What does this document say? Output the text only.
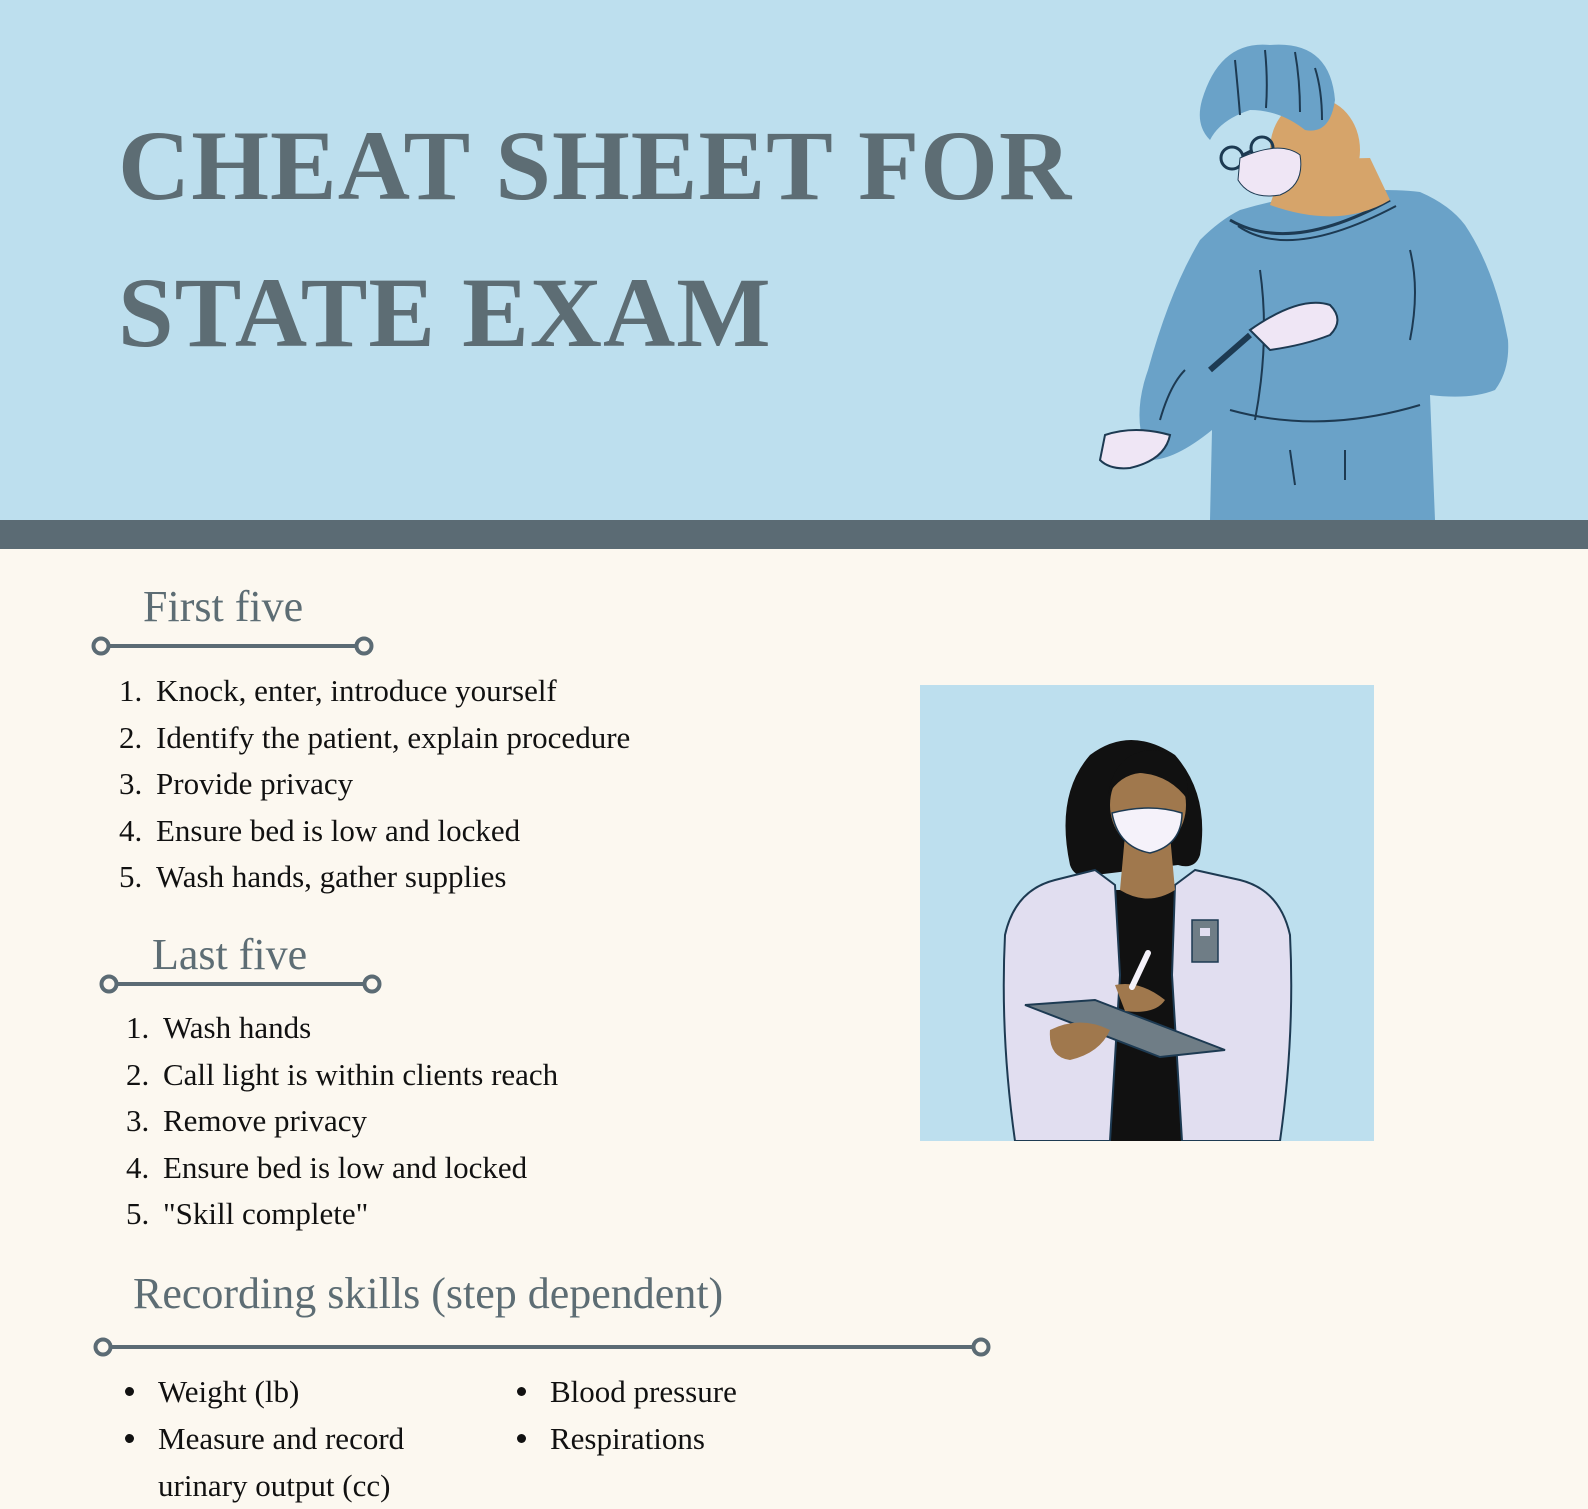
CHEAT SHEET FOR
STATE EXAM
First five
1. Knock, enter, introduce yourself
2. Identify the patient, explain procedure
3. Provide privacy
4. Ensure bed is low and locked
5. Wash hands, gather supplies
Last five
1. Wash hands
2. Call light is within clients reach
3. Remove privacy
4. Ensure bed is low and locked
5. "Skill complete"
Recording skills (step dependent)
Weight (lb)
Measure and record urinary output (cc)
Blood pressure
Respirations
